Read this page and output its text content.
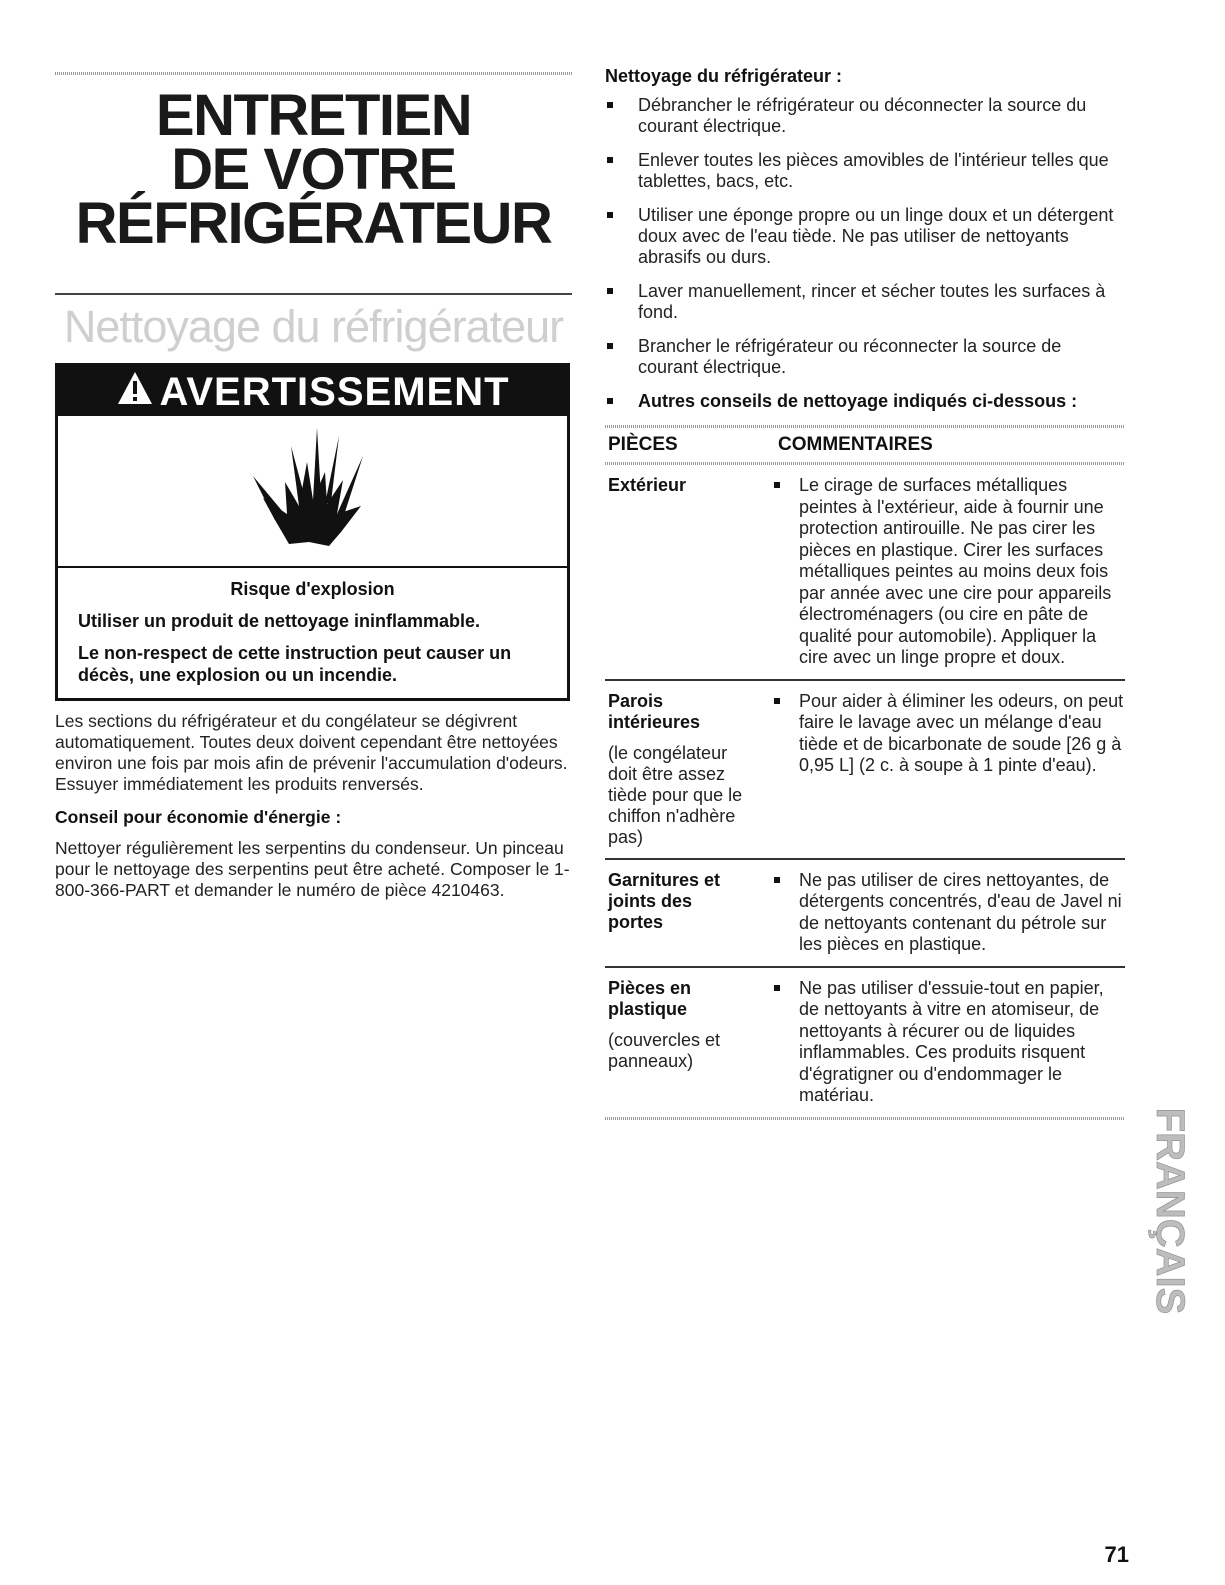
ENTRETIEN
DE VOTRE
RÉFRIGÉRATEUR
Nettoyage du réfrigérateur
AVERTISSEMENT

Risque d'explosion

Utiliser un produit de nettoyage ininflammable.

Le non-respect de cette instruction peut causer un décès, une explosion ou un incendie.

Les sections du réfrigérateur et du congélateur se dégivrent automatiquement. Toutes deux doivent cependant être nettoyées environ une fois par mois afin de prévenir l'accumulation d'odeurs. Essuyer immédiatement les produits renversés.

Conseil pour économie d'énergie :

Nettoyer régulièrement les serpentins du condenseur. Un pinceau pour le nettoyage des serpentins peut être acheté. Composer le 1-800-366-PART et demander le numéro de pièce 4210463.

Nettoyage du réfrigérateur :

Débrancher le réfrigérateur ou déconnecter la source du courant électrique.
Enlever toutes les pièces amovibles de l'intérieur telles que tablettes, bacs, etc.
Utiliser une éponge propre ou un linge doux et un détergent doux avec de l'eau tiède. Ne pas utiliser de nettoyants abrasifs ou durs.
Laver manuellement, rincer et sécher toutes les surfaces à fond.
Brancher le réfrigérateur ou réconnecter la source de courant électrique.
Autres conseils de nettoyage indiqués ci-dessous :
PIÈCES	COMMENTAIRES

Extérieur	Le cirage de surfaces métalliques peintes à l'extérieur, aide à fournir une protection antirouille. Ne pas cirer les pièces en plastique. Cirer les surfaces métalliques peintes au moins deux fois par année avec une cire pour appareils électroménagers (ou cire en pâte de qualité pour automobile). Appliquer la cire avec un linge propre et doux.

Parois intérieures

(le congélateur doit être assez tiède pour que le chiffon n'adhère pas)

Pour aider à éliminer les odeurs, on peut faire le lavage avec un mélange d'eau tiède et de bicarbonate de soude [26 g à 0,95 L] (2 c. à soupe à 1 pinte d'eau).

Garnitures et joints des portes

Ne pas utiliser de cires nettoyantes, de détergents concentrés, d'eau de Javel ni de nettoyants contenant du pétrole sur les pièces en plastique.

Pièces en plastique

(couvercles et panneaux)

Ne pas utiliser d'essuie-tout en papier, de nettoyants à vitre en atomiseur, de nettoyants à récurer ou de liquides inflammables. Ces produits risquent d'égratigner ou d'endommager le matériau.
FRANÇAIS
71
